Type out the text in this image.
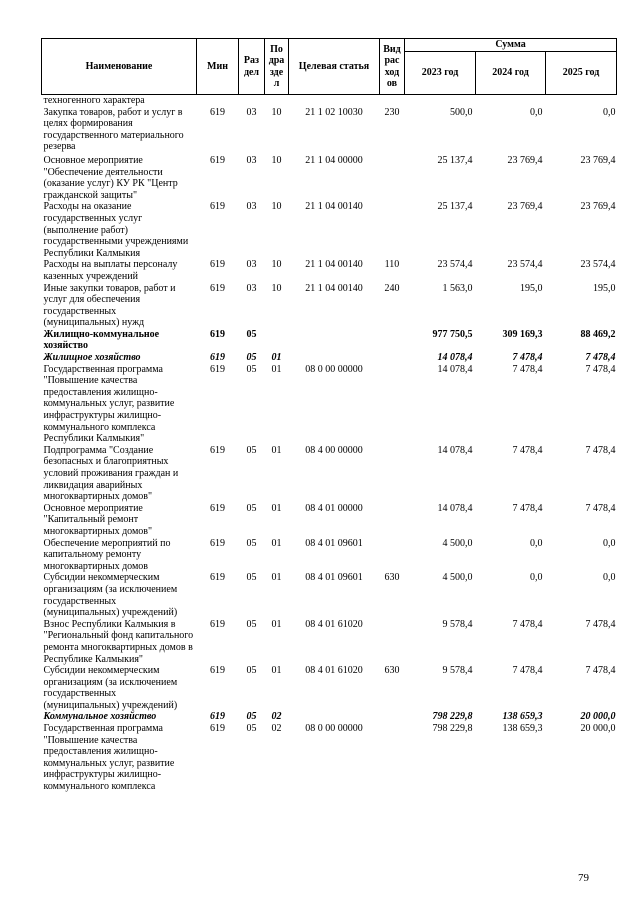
Наименование	Мин	Раз дел	По дра зде л	Целевая статья	Вид рас ход ов	Сумма		
						2023 год	2024 год	2025 год
техногенного характера								
Закупка товаров, работ и услуг в целях формирования государственного материального резерва	619	03	10	21 1 02 10030	230	500,0	0,0	0,0
Основное мероприятие "Обеспечение деятельности (оказание услуг) КУ РК "Центр гражданской защиты"	619	03	10	21 1 04 00000		25 137,4	23 769,4	23 769,4
Расходы на оказание государственных услуг (выполнение работ) государственными учреждениями Республики Калмыкия	619	03	10	21 1 04 00140		25 137,4	23 769,4	23 769,4
Расходы на выплаты персоналу казенных учреждений	619	03	10	21 1 04 00140	110	23 574,4	23 574,4	23 574,4
Иные закупки товаров, работ и услуг для обеспечения государственных (муниципальных) нужд	619	03	10	21 1 04 00140	240	1 563,0	195,0	195,0
Жилищно-коммунальное хозяйство	619	05				977 750,5	309 169,3	88 469,2
Жилищное хозяйство	619	05	01			14 078,4	7 478,4	7 478,4
Государственная программа "Повышение качества предоставления жилищно-коммунальных услуг, развитие инфраструктуры жилищно-коммунального комплекса Республики Калмыкия"	619	05	01	08 0 00 00000		14 078,4	7 478,4	7 478,4
Подпрограмма "Создание безопасных и благоприятных условий проживания граждан и ликвидация аварийных многоквартирных домов"	619	05	01	08 4 00 00000		14 078,4	7 478,4	7 478,4
Основное мероприятие "Капитальный ремонт многоквартирных домов"	619	05	01	08 4 01 00000		14 078,4	7 478,4	7 478,4
Обеспечение мероприятий по капитальному ремонту многоквартирных домов	619	05	01	08 4 01 09601		4 500,0	0,0	0,0
Субсидии некоммерческим организациям (за исключением государственных (муниципальных) учреждений)	619	05	01	08 4 01 09601	630	4 500,0	0,0	0,0
Взнос Республики Калмыкия в "Региональный фонд капитального ремонта многоквартирных домов в Республике Калмыкия"	619	05	01	08 4 01 61020		9 578,4	7 478,4	7 478,4
Субсидии некоммерческим организациям (за исключением государственных (муниципальных) учреждений)	619	05	01	08 4 01 61020	630	9 578,4	7 478,4	7 478,4
Коммунальное хозяйство	619	05	02			798 229,8	138 659,3	20 000,0
Государственная программа "Повышение качества предоставления жилищно-коммунальных услуг, развитие инфраструктуры жилищно-коммунального комплекса	619	05	02	08 0 00 00000		798 229,8	138 659,3	20 000,0
79
